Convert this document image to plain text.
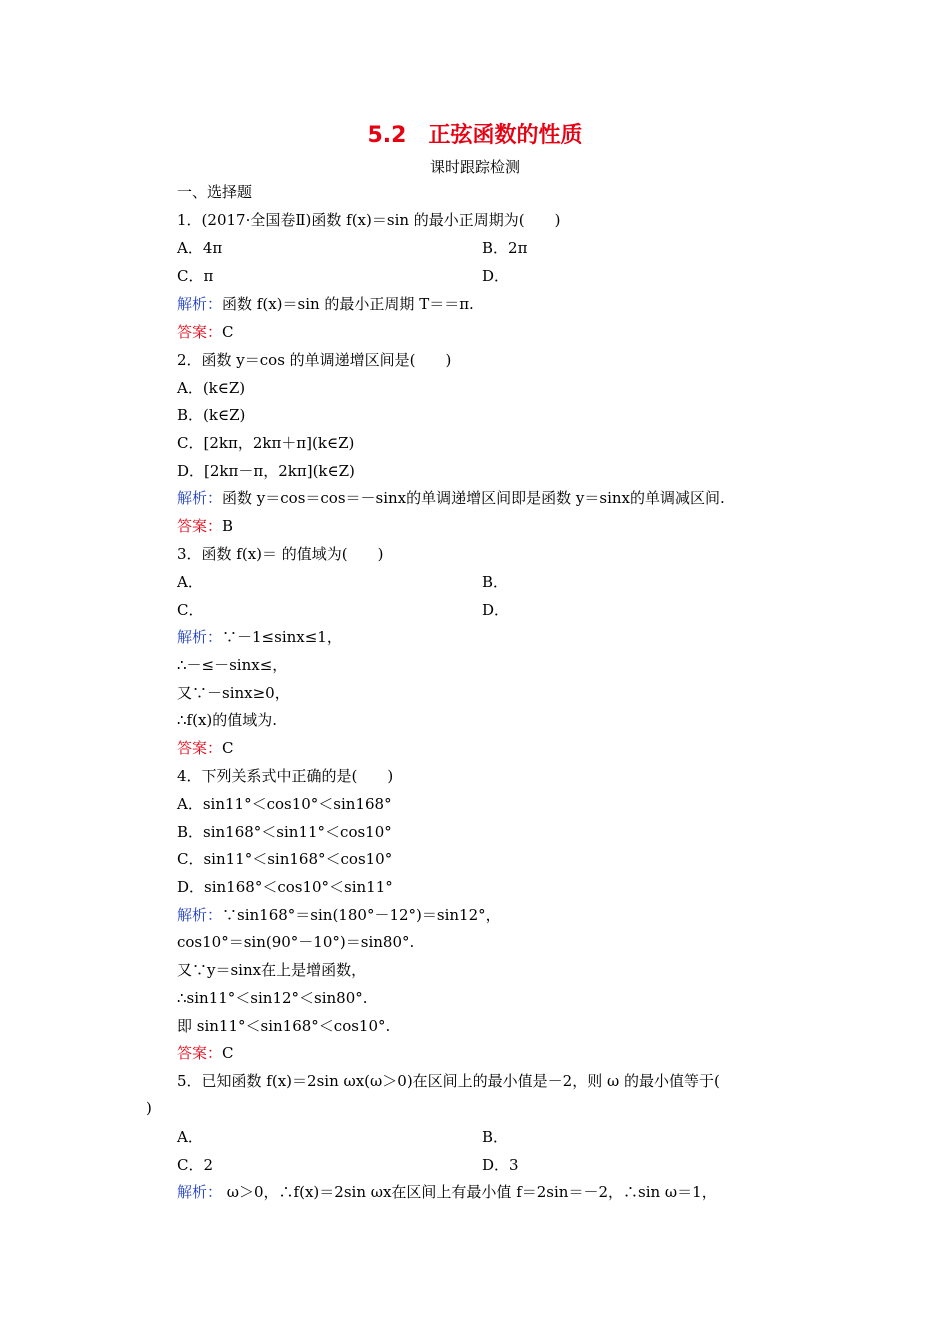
5.2　正弦函数的性质
课时跟踪检测
一、选择题
1．(2017·全国卷Ⅱ)函数 f(x)＝sin 的最小正周期为(　　)
A．4π	B．2π
C．π	D．
解析：函数 f(x)＝sin 的最小正周期 T＝＝π.
答案：C
2．函数 y＝cos 的单调递增区间是(　　)
A．(k∈Z)
B．(k∈Z)
C．[2kπ，2kπ＋π](k∈Z)
D．[2kπ－π，2kπ](k∈Z)
解析：函数 y＝cos＝cos＝－sinx的单调递增区间即是函数 y＝sinx的单调减区间.
答案：B
3．函数 f(x)＝ 的值域为(　　)
A．	B．
C．	D．
解析：∵－1≤sinx≤1，
∴－≤－sinx≤，
又∵－sinx≥0，
∴f(x)的值域为.
答案：C
4．下列关系式中正确的是(　　)
A．sin11°＜cos10°＜sin168°
B．sin168°＜sin11°＜cos10°
C．sin11°＜sin168°＜cos10°
D．sin168°＜cos10°＜sin11°
解析：∵sin168°＝sin(180°－12°)＝sin12°，
cos10°＝sin(90°－10°)＝sin80°.
又∵y＝sinx在上是增函数，
∴sin11°＜sin12°＜sin80°.
即 sin11°＜sin168°＜cos10°.
答案：C
5．已知函数 f(x)＝2sin ωx(ω＞0)在区间上的最小值是－2，则 ω 的最小值等于(
)
A．	B．
C．2	D．3
解析： ω＞0，∴f(x)＝2sin ωx在区间上有最小值 f＝2sin＝－2，∴sin ω＝1，
